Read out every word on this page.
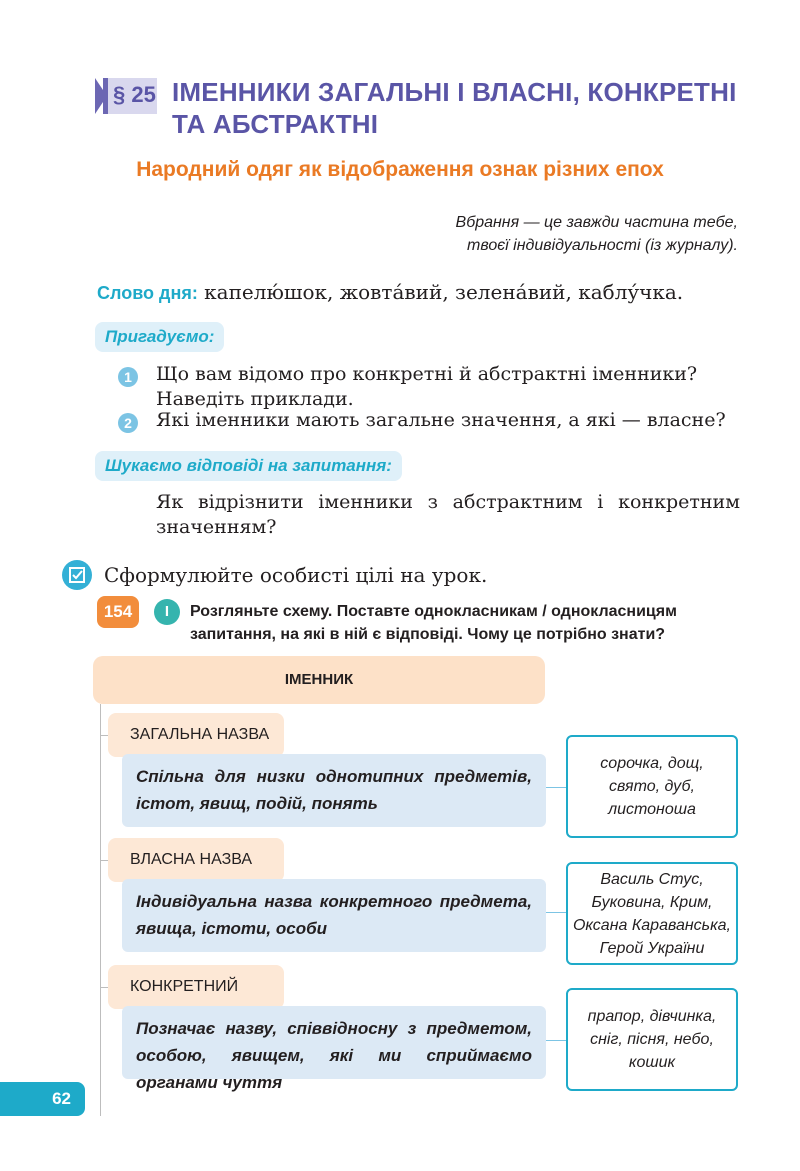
§ 25 ІМЕННИКИ ЗАГАЛЬНІ І ВЛАСНІ, КОНКРЕТНІ ТА АБСТРАКТНІ
Народний одяг як відображення ознак різних епох
Вбрання — це завжди частина тебе,
твоєї індивідуальності (із журналу).
Слово дня: капелю́шок, жовта́вий, зелена́вий, каблу́чка.
Пригадуємо:
1	Що вам відомо про конкретні й абстрактні іменники? Наведіть приклади.
2	Які іменники мають загальне значення, а які — власне?
Шукаємо відповіді на запитання:
Як відрізнити іменники з абстрактним і конкретним значенням?
Сформулюйте особисті цілі на урок.
154	І	Розгляньте схему. Поставте однокласникам / однокласницям запитання, на які в ній є відповіді. Чому це потрібно знати?
ІМЕННИК
ЗАГАЛЬНА НАЗВА
Спільна для низки однотипних предметів, істот, явищ, подій, понять
сорочка, дощ,
свято, дуб,
листоноша
ВЛАСНА НАЗВА
Індивідуальна назва конкретного предмета, явища, істоти, особи
Василь Стус,
Буковина, Крим,
Оксана Караванська,
Герой України
КОНКРЕТНИЙ
Позначає назву, співвідносну з предметом, особою, явищем, які ми сприймаємо органами чуття
прапор, дівчинка,
сніг, пісня, небо,
кошик
62
